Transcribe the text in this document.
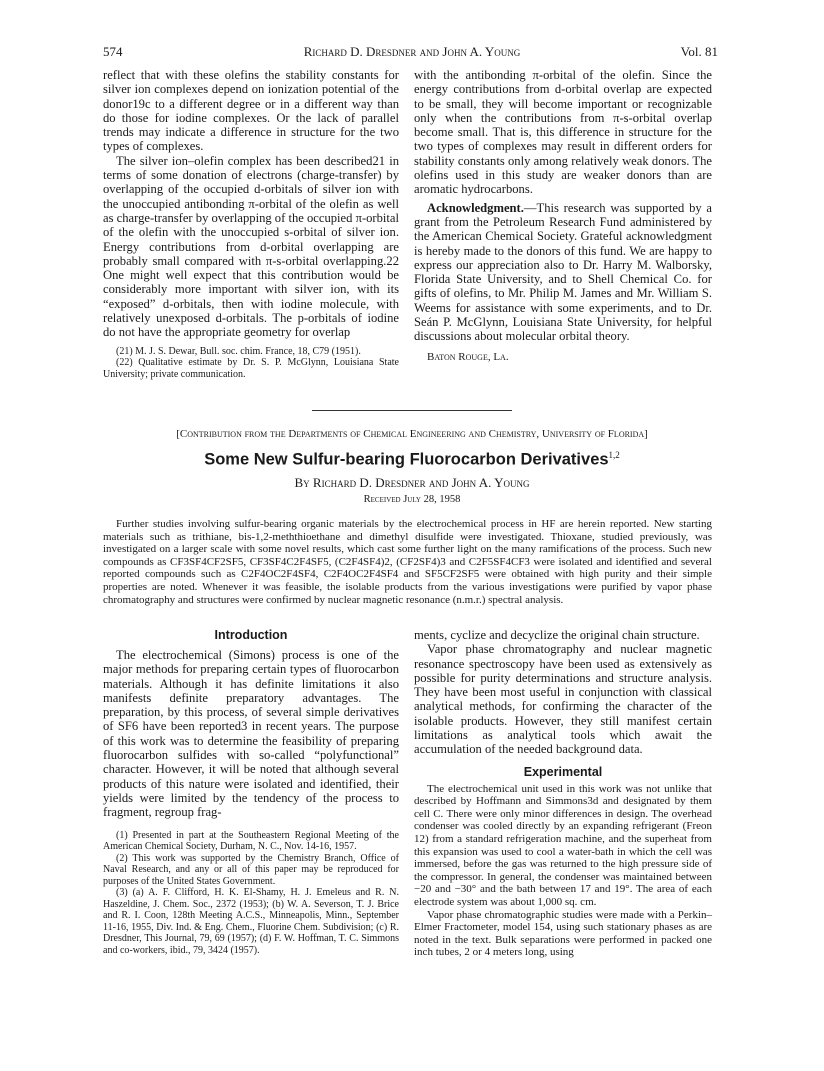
574	Richard D. Dresdner and John A. Young	Vol. 81

reflect that with these olefins the stability constants for silver ion complexes depend on ionization potential of the donor19c to a different degree or in a different way than do those for iodine complexes. Or the lack of parallel trends may indicate a difference in structure for the two types of complexes.

The silver ion–olefin complex has been described21 in terms of some donation of electrons (charge-transfer) by overlapping of the occupied d-orbitals of silver ion with the unoccupied antibonding π-orbital of the olefin as well as charge-transfer by overlapping of the occupied π-orbital of the olefin with the unoccupied s-orbital of silver ion. Energy contributions from d-orbital overlapping are probably small compared with π-s-orbital overlapping.22 One might well expect that this contribution would be considerably more important with silver ion, with its “exposed” d-orbitals, then with iodine molecule, with relatively unexposed d-orbitals. The p-orbitals of iodine do not have the appropriate geometry for overlap

(21) M. J. S. Dewar, Bull. soc. chim. France, 18, C79 (1951).

(22) Qualitative estimate by Dr. S. P. McGlynn, Louisiana State University; private communication.

with the antibonding π-orbital of the olefin. Since the energy contributions from d-orbital overlap are expected to be small, they will become important or recognizable only when the contributions from π-s-orbital overlap become small. That is, this difference in structure for the two types of complexes may result in different orders for stability constants only among relatively weak donors. The olefins used in this study are weaker donors than are aromatic hydrocarbons.

Acknowledgment.—This research was supported by a grant from the Petroleum Research Fund administered by the American Chemical Society. Grateful acknowledgment is hereby made to the donors of this fund. We are happy to express our appreciation also to Dr. Harry M. Walborsky, Florida State University, and to Shell Chemical Co. for gifts of olefins, to Mr. Philip M. James and Mr. William S. Weems for assistance with some experiments, and to Dr. Seán P. McGlynn, Louisiana State University, for helpful discussions about molecular orbital theory.

Baton Rouge, La.

[Contribution from the Departments of Chemical Engineering and Chemistry, University of Florida]
Some New Sulfur-bearing Fluorocarbon Derivatives$^{1,2}$
By Richard D. Dresdner and John A. Young
Received July 28, 1958

Further studies involving sulfur-bearing organic materials by the electrochemical process in HF are herein reported. New starting materials such as trithiane, bis-1,2-meththioethane and dimethyl disulfide were investigated. Thioxane, studied previously, was investigated on a larger scale with some novel results, which cast some further light on the many ramifications of the process. Such new compounds as CF3SF4CF2SF5, CF3SF4C2F4SF5, (C2F4SF4)2, (CF2SF4)3 and C2F5SF4CF3 were isolated and identified and several reported compounds such as C2F4OC2F4SF4, C2F4OC2F4SF4 and SF5CF2SF5 were obtained with high purity and their simple properties are noted. Whenever it was feasible, the isolable products from the various investigations were purified by vapor phase chromatography and structures were confirmed by nuclear magnetic resonance (n.m.r.) spectral analysis.

Introduction

The electrochemical (Simons) process is one of the major methods for preparing certain types of fluorocarbon materials. Although it has definite limitations it also manifests definite preparatory advantages. The preparation, by this process, of several simple derivatives of SF6 have been reported3 in recent years. The purpose of this work was to determine the feasibility of preparing fluorocarbon sulfides with so-called “polyfunctional” character. However, it will be noted that although several products of this nature were isolated and identified, their yields were limited by the tendency of the process to fragment, regroup frag-

(1) Presented in part at the Southeastern Regional Meeting of the American Chemical Society, Durham, N. C., Nov. 14-16, 1957.

(2) This work was supported by the Chemistry Branch, Office of Naval Research, and any or all of this paper may be reproduced for purposes of the United States Government.

(3) (a) A. F. Clifford, H. K. El-Shamy, H. J. Emeleus and R. N. Haszeldine, J. Chem. Soc., 2372 (1953); (b) W. A. Severson, T. J. Brice and R. I. Coon, 128th Meeting A.C.S., Minneapolis, Minn., September 11-16, 1955, Div. Ind. & Eng. Chem., Fluorine Chem. Subdivision; (c) R. Dresdner, This Journal, 79, 69 (1957); (d) F. W. Hoffman, T. C. Simmons and co-workers, ibid., 79, 3424 (1957).

ments, cyclize and decyclize the original chain structure.

Vapor phase chromatography and nuclear magnetic resonance spectroscopy have been used as extensively as possible for purity determinations and structure analysis. They have been most useful in conjunction with classical analytical methods, for confirming the character of the isolable products. However, they still manifest certain limitations as analytical tools which await the accumulation of the needed background data.

Experimental

The electrochemical unit used in this work was not unlike that described by Hoffmann and Simmons3d and designated by them cell C. There were only minor differences in design. The overhead condenser was cooled directly by an expanding refrigerant (Freon 12) from a standard refrigeration machine, and the superheat from this expansion was used to cool a water-bath in which the cell was immersed, before the gas was returned to the high pressure side of the compressor. In general, the condenser was maintained between −20 and −30° and the bath between 17 and 19°. The area of each electrode system was about 1,000 sq. cm.

Vapor phase chromatographic studies were made with a Perkin–Elmer Fractometer, model 154, using such stationary phases as are noted in the text. Bulk separations were performed in packed one inch tubes, 2 or 4 meters long, using
